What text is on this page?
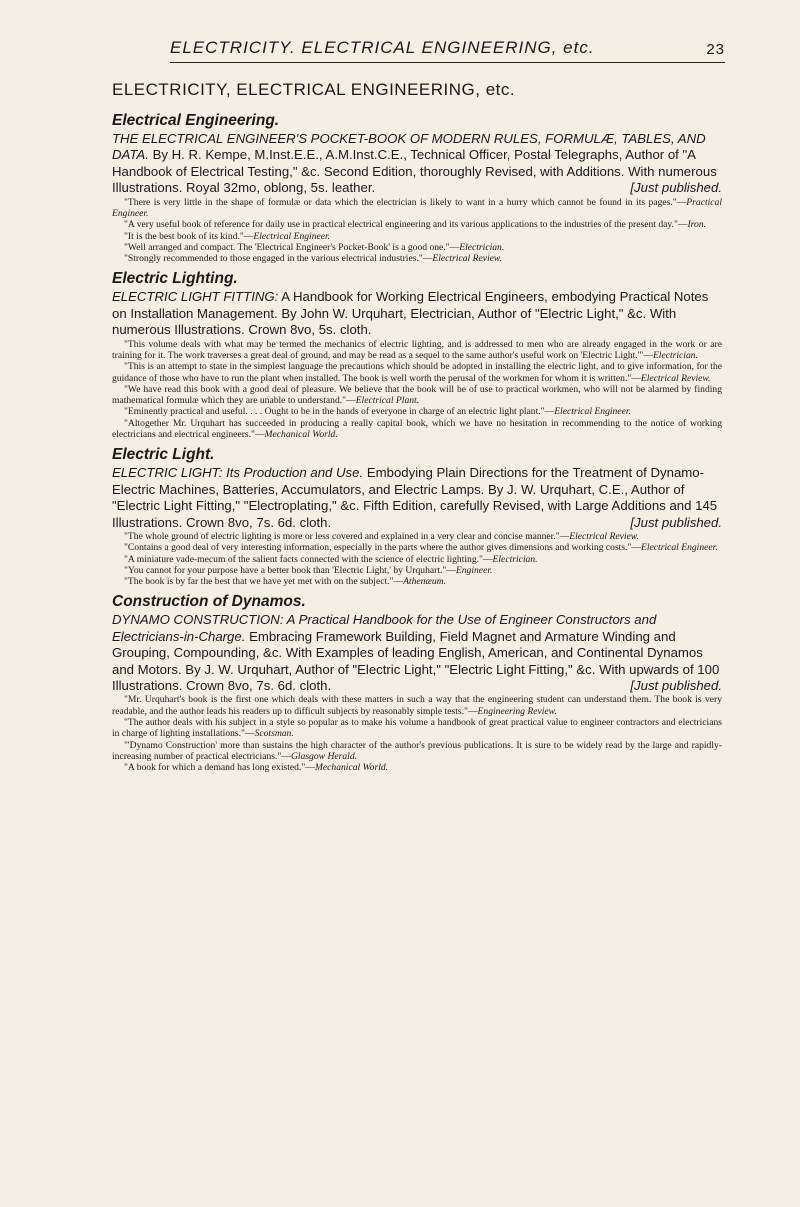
ELECTRICITY. ELECTRICAL ENGINEERING, etc.	23
ELECTRICITY, ELECTRICAL ENGINEERING, etc.
Electrical Engineering.

THE ELECTRICAL ENGINEER'S POCKET-BOOK OF MODERN RULES, FORMULÆ, TABLES, AND DATA. By H. R. Kempe, M.Inst.E.E., A.M.Inst.C.E., Technical Officer, Postal Telegraphs, Author of "A Handbook of Electrical Testing," &c. Second Edition, thoroughly Revised, with Additions. With numerous Illustrations. Royal 32mo, oblong, 5s. leather.	[Just published.

"There is very little in the shape of formulæ or data which the electrician is likely to want in a hurry which cannot be found in its pages."—Practical Engineer.

"A very useful book of reference for daily use in practical electrical engineering and its various applications to the industries of the present day."—Iron.

"It is the best book of its kind."—Electrical Engineer.

"Well arranged and compact. The 'Electrical Engineer's Pocket-Book' is a good one."—Electrician.

"Strongly recommended to those engaged in the various electrical industries."—Electrical Review.

Electric Lighting.

ELECTRIC LIGHT FITTING: A Handbook for Working Electrical Engineers, embodying Practical Notes on Installation Management. By John W. Urquhart, Electrician, Author of "Electric Light," &c. With numerous Illustrations. Crown 8vo, 5s. cloth.

"This volume deals with what may be termed the mechanics of electric lighting, and is addressed to men who are already engaged in the work or are training for it. The work traverses a great deal of ground, and may be read as a sequel to the same author's useful work on 'Electric Light.'"—Electrician.

"This is an attempt to state in the simplest language the precautions which should be adopted in installing the electric light, and to give information, for the guidance of those who have to run the plant when installed. The book is well worth the perusal of the workmen for whom it is written."—Electrical Review.

"We have read this book with a good deal of pleasure. We believe that the book will be of use to practical workmen, who will not be alarmed by finding mathematical formulæ which they are unable to understand."—Electrical Plant.

"Eminently practical and useful. . . . Ought to be in the hands of everyone in charge of an electric light plant."—Electrical Engineer.

"Altogether Mr. Urquhart has succeeded in producing a really capital book, which we have no hesitation in recommending to the notice of working electricians and electrical engineers."—Mechanical World.

Electric Light.

ELECTRIC LIGHT: Its Production and Use. Embodying Plain Directions for the Treatment of Dynamo-Electric Machines, Batteries, Accumulators, and Electric Lamps. By J. W. Urquhart, C.E., Author of "Electric Light Fitting," "Electroplating," &c. Fifth Edition, carefully Revised, with Large Additions and 145 Illustrations. Crown 8vo, 7s. 6d. cloth.	[Just published.

"The whole ground of electric lighting is more or less covered and explained in a very clear and concise manner."—Electrical Review.

"Contains a good deal of very interesting information, especially in the parts where the author gives dimensions and working costs."—Electrical Engineer.

"A miniature vade-mecum of the salient facts connected with the science of electric lighting."—Electrician.

"You cannot for your purpose have a better book than 'Electric Light,' by Urquhart."—Engineer.

"The book is by far the best that we have yet met with on the subject."—Athenæum.

Construction of Dynamos.

DYNAMO CONSTRUCTION: A Practical Handbook for the Use of Engineer Constructors and Electricians-in-Charge. Embracing Framework Building, Field Magnet and Armature Winding and Grouping, Compounding, &c. With Examples of leading English, American, and Continental Dynamos and Motors. By J. W. Urquhart, Author of "Electric Light," "Electric Light Fitting," &c. With upwards of 100 Illustrations. Crown 8vo, 7s. 6d. cloth.	[Just published.

"Mr. Urquhart's book is the first one which deals with these matters in such a way that the engineering student can understand them. The book is very readable, and the author leads his readers up to difficult subjects by reasonably simple tests."—Engineering Review.

"The author deals with his subject in a style so popular as to make his volume a handbook of great practical value to engineer contractors and electricians in charge of lighting installations."—Scotsman.

"'Dynamo Construction' more than sustains the high character of the author's previous publications. It is sure to be widely read by the large and rapidly-increasing number of practical electricians."—Glasgow Herald.

"A book for which a demand has long existed."—Mechanical World.
